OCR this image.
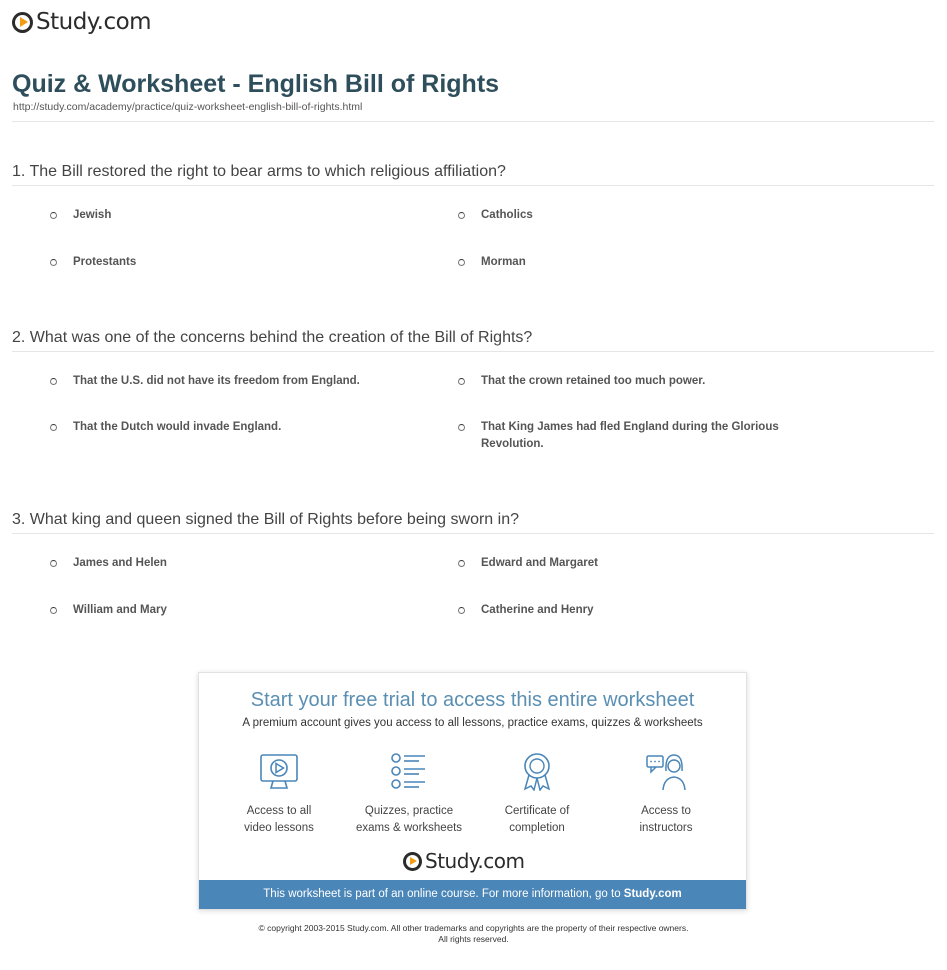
Study.com
Quiz & Worksheet - English Bill of Rights
http://study.com/academy/practice/quiz-worksheet-english-bill-of-rights.html
1. The Bill restored the right to bear arms to which religious affiliation?
Jewish	Catholics
Protestants	Morman
2. What was one of the concerns behind the creation of the Bill of Rights?
That the U.S. did not have its freedom from England.	That the crown retained too much power.
That the Dutch would invade England.	That King James had fled England during the Glorious Revolution.
3. What king and queen signed the Bill of Rights before being sworn in?
James and Helen	Edward and Margaret
William and Mary	Catherine and Henry
Start your free trial to access this entire worksheet
A premium account gives you access to all lessons, practice exams, quizzes & worksheets
Access to all
video lessons
Quizzes, practice
exams & worksheets
Certificate of
completion
Access to
instructors
Study.com
This worksheet is part of an online course. For more information, go to Study.com
© copyright 2003-2015 Study.com. All other trademarks and copyrights are the property of their respective owners.
All rights reserved.
